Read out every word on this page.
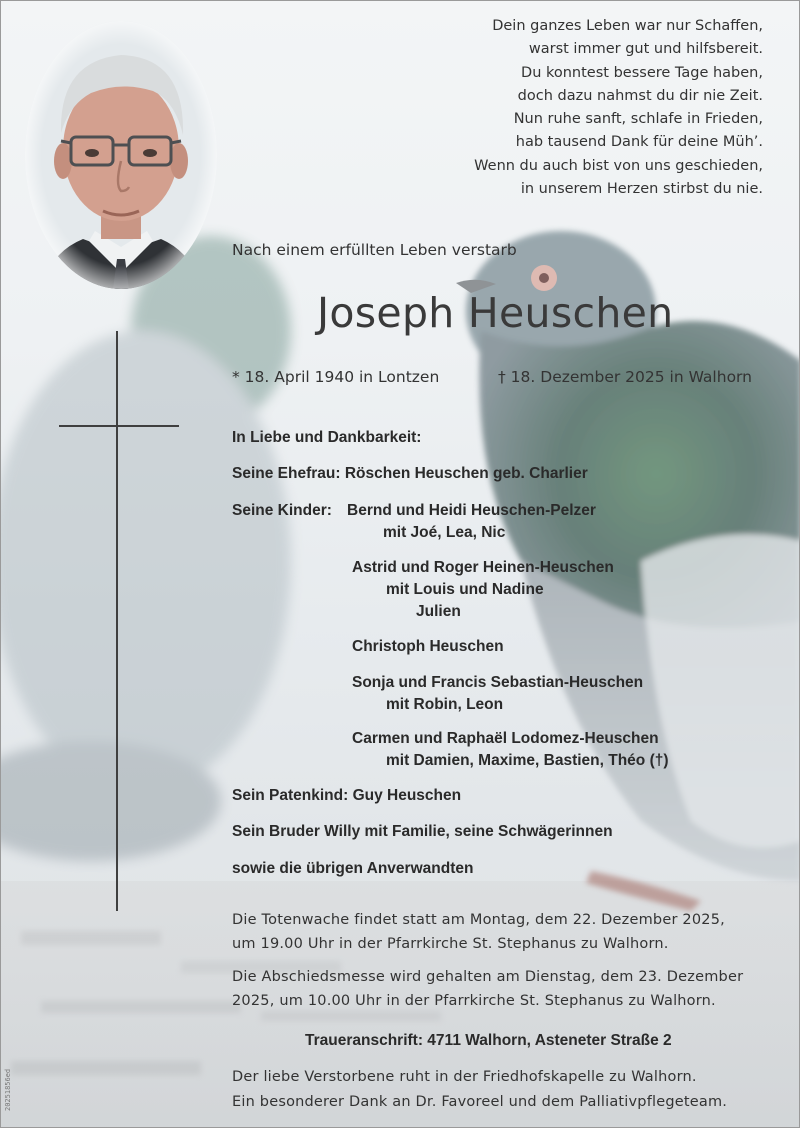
Dein ganzes Leben war nur Schaffen,
warst immer gut und hilfsbereit.
Du konntest bessere Tage haben,
doch dazu nahmst du dir nie Zeit.
Nun ruhe sanft, schlafe in Frieden,
hab tausend Dank für deine Müh’.
Wenn du auch bist von uns geschieden,
in unserem Herzen stirbst du nie.
Nach einem erfüllten Leben verstarb
Joseph Heuschen
* 18. April 1940 in Lontzen	† 18. Dezember 2025 in Walhorn
In Liebe und Dankbarkeit:
Seine Ehefrau: Röschen Heuschen geb. Charlier
Seine Kinder: Bernd und Heidi Heuschen-Pelzer
mit Joé, Lea, Nic
Astrid und Roger Heinen-Heuschen
mit Louis und Nadine
Julien
Christoph Heuschen
Sonja und Francis Sebastian-Heuschen
mit Robin, Leon
Carmen und Raphaël Lodomez-Heuschen
mit Damien, Maxime, Bastien, Théo (†)
Sein Patenkind: Guy Heuschen
Sein Bruder Willy mit Familie, seine Schwägerinnen
sowie die übrigen Anverwandten
Die Totenwache findet statt am Montag, dem 22. Dezember 2025,
um 19.00 Uhr in der Pfarrkirche St. Stephanus zu Walhorn.
Die Abschiedsmesse wird gehalten am Dienstag, dem 23. Dezember
2025, um 10.00 Uhr in der Pfarrkirche St. Stephanus zu Walhorn.
Traueranschrift: 4711 Walhorn, Asteneter Straße 2
Der liebe Verstorbene ruht in der Friedhofskapelle zu Walhorn.
Ein besonderer Dank an Dr. Favoreel und dem Palliativpflegeteam.
20251856ed
